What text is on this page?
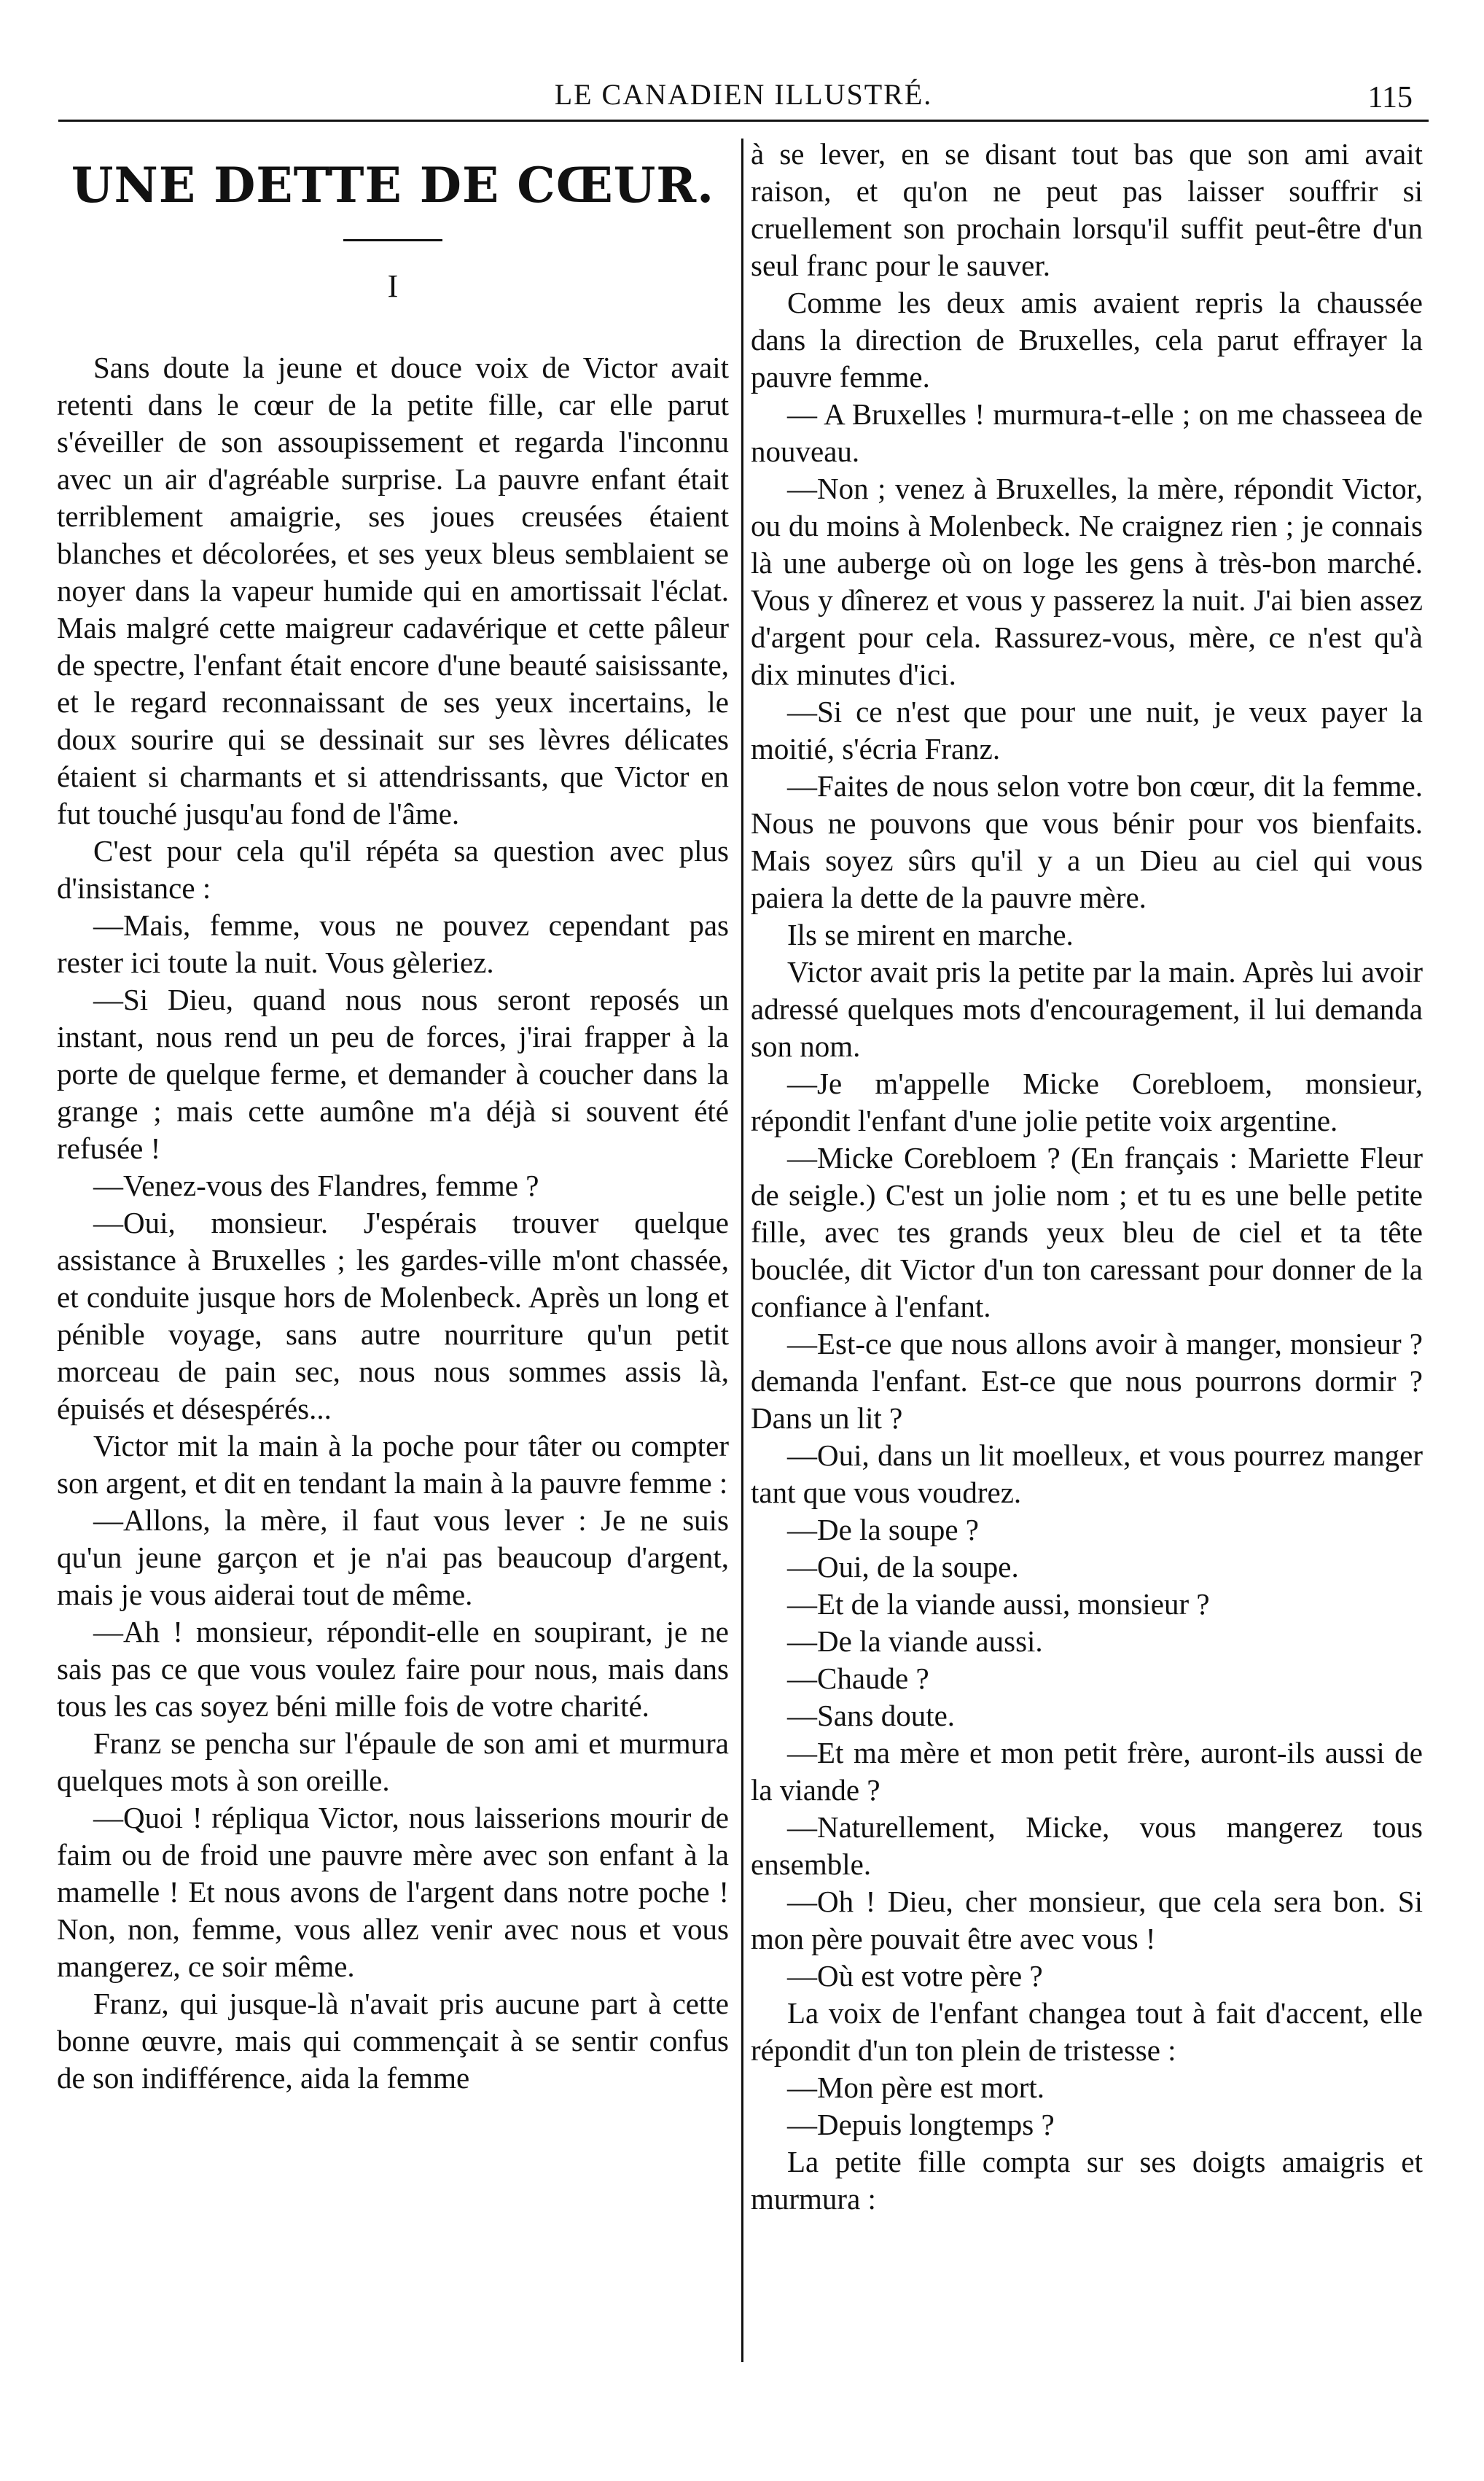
LE CANADIEN ILLUSTRÉ.	115
UNE DETTE DE CŒUR.
I

Sans doute la jeune et douce voix de Victor avait retenti dans le cœur de la petite fille, car elle parut s'éveiller de son assoupissement et regarda l'inconnu avec un air d'agréable surprise. La pauvre enfant était terriblement amaigrie, ses joues creusées étaient blanches et décolorées, et ses yeux bleus semblaient se noyer dans la vapeur humide qui en amortissait l'éclat. Mais malgré cette maigreur cadavérique et cette pâleur de spectre, l'enfant était encore d'une beauté saisissante, et le regard reconnaissant de ses yeux incertains, le doux sourire qui se dessinait sur ses lèvres délicates étaient si charmants et si attendrissants, que Victor en fut touché jusqu'au fond de l'âme.

C'est pour cela qu'il répéta sa question avec plus d'insistance :

—Mais, femme, vous ne pouvez cependant pas rester ici toute la nuit. Vous gèleriez.

—Si Dieu, quand nous nous seront reposés un instant, nous rend un peu de forces, j'irai frapper à la porte de quelque ferme, et demander à coucher dans la grange ; mais cette aumône m'a déjà si souvent été refusée !

—Venez-vous des Flandres, femme ?

—Oui, monsieur. J'espérais trouver quelque assistance à Bruxelles ; les gardes-ville m'ont chassée, et conduite jusque hors de Molenbeck. Après un long et pénible voyage, sans autre nourriture qu'un petit morceau de pain sec, nous nous sommes assis là, épuisés et désespérés...

Victor mit la main à la poche pour tâter ou compter son argent, et dit en tendant la main à la pauvre femme :

—Allons, la mère, il faut vous lever : Je ne suis qu'un jeune garçon et je n'ai pas beaucoup d'argent, mais je vous aiderai tout de même.

—Ah ! monsieur, répondit-elle en soupirant, je ne sais pas ce que vous voulez faire pour nous, mais dans tous les cas soyez béni mille fois de votre charité.

Franz se pencha sur l'épaule de son ami et murmura quelques mots à son oreille.

—Quoi ! répliqua Victor, nous laisserions mourir de faim ou de froid une pauvre mère avec son enfant à la mamelle ! Et nous avons de l'argent dans notre poche ! Non, non, femme, vous allez venir avec nous et vous mangerez, ce soir même.

Franz, qui jusque-là n'avait pris aucune part à cette bonne œuvre, mais qui commençait à se sentir confus de son indifférence, aida la femme

à se lever, en se disant tout bas que son ami avait raison, et qu'on ne peut pas laisser souffrir si cruellement son prochain lorsqu'il suffit peut-être d'un seul franc pour le sauver.

Comme les deux amis avaient repris la chaussée dans la direction de Bruxelles, cela parut effrayer la pauvre femme.

— A Bruxelles ! murmura-t-elle ; on me chasseea de nouveau.

—Non ; venez à Bruxelles, la mère, répondit Victor, ou du moins à Molenbeck. Ne craignez rien ; je connais là une auberge où on loge les gens à très-bon marché. Vous y dînerez et vous y passerez la nuit. J'ai bien assez d'argent pour cela. Rassurez-vous, mère, ce n'est qu'à dix minutes d'ici.

—Si ce n'est que pour une nuit, je veux payer la moitié, s'écria Franz.

—Faites de nous selon votre bon cœur, dit la femme. Nous ne pouvons que vous bénir pour vos bienfaits. Mais soyez sûrs qu'il y a un Dieu au ciel qui vous paiera la dette de la pauvre mère.

Ils se mirent en marche.

Victor avait pris la petite par la main. Après lui avoir adressé quelques mots d'encouragement, il lui demanda son nom.

—Je m'appelle Micke Corebloem, monsieur, répondit l'enfant d'une jolie petite voix argentine.

—Micke Corebloem ? (En français : Mariette Fleur de seigle.) C'est un jolie nom ; et tu es une belle petite fille, avec tes grands yeux bleu de ciel et ta tête bouclée, dit Victor d'un ton caressant pour donner de la confiance à l'enfant.

—Est-ce que nous allons avoir à manger, monsieur ? demanda l'enfant. Est-ce que nous pourrons dormir ? Dans un lit ?

—Oui, dans un lit moelleux, et vous pourrez manger tant que vous voudrez.

—De la soupe ?

—Oui, de la soupe.

—Et de la viande aussi, monsieur ?

—De la viande aussi.

—Chaude ?

—Sans doute.

—Et ma mère et mon petit frère, auront-ils aussi de la viande ?

—Naturellement, Micke, vous mangerez tous ensemble.

—Oh ! Dieu, cher monsieur, que cela sera bon. Si mon père pouvait être avec vous !

—Où est votre père ?

La voix de l'enfant changea tout à fait d'accent, elle répondit d'un ton plein de tristesse :

—Mon père est mort.

—Depuis longtemps ?

La petite fille compta sur ses doigts amaigris et murmura :
